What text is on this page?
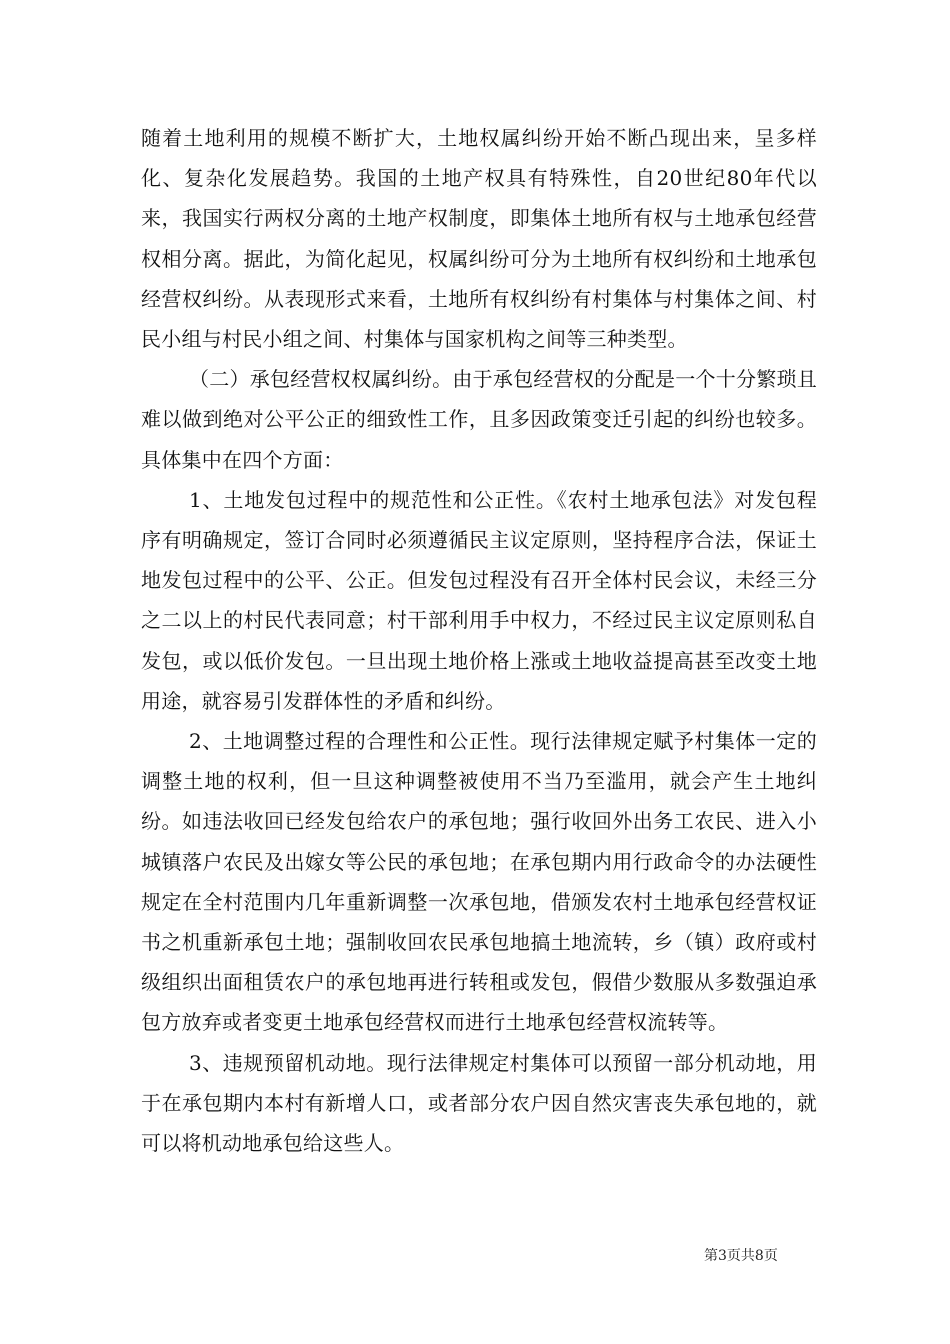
随着土地利用的规模不断扩大，土地权属纠纷开始不断凸现出来，呈多样化、复杂化发展趋势。我国的土地产权具有特殊性，自20世纪80年代以来，我国实行两权分离的土地产权制度，即集体土地所有权与土地承包经营权相分离。据此，为简化起见，权属纠纷可分为土地所有权纠纷和土地承包经营权纠纷。从表现形式来看，土地所有权纠纷有村集体与村集体之间、村民小组与村民小组之间、村集体与国家机构之间等三种类型。

（二）承包经营权权属纠纷。由于承包经营权的分配是一个十分繁琐且难以做到绝对公平公正的细致性工作，且多因政策变迁引起的纠纷也较多。具体集中在四个方面：

1、土地发包过程中的规范性和公正性。《农村土地承包法》对发包程序有明确规定，签订合同时必须遵循民主议定原则，坚持程序合法，保证土地发包过程中的公平、公正。但发包过程没有召开全体村民会议，未经三分之二以上的村民代表同意；村干部利用手中权力，不经过民主议定原则私自发包，或以低价发包。一旦出现土地价格上涨或土地收益提高甚至改变土地用途，就容易引发群体性的矛盾和纠纷。

2、土地调整过程的合理性和公正性。现行法律规定赋予村集体一定的调整土地的权利，但一旦这种调整被使用不当乃至滥用，就会产生土地纠纷。如违法收回已经发包给农户的承包地；强行收回外出务工农民、进入小城镇落户农民及出嫁女等公民的承包地；在承包期内用行政命令的办法硬性规定在全村范围内几年重新调整一次承包地，借颁发农村土地承包经营权证书之机重新承包土地；强制收回农民承包地搞土地流转，乡（镇）政府或村级组织出面租赁农户的承包地再进行转租或发包，假借少数服从多数强迫承包方放弃或者变更土地承包经营权而进行土地承包经营权流转等。

3、违规预留机动地。现行法律规定村集体可以预留一部分机动地，用于在承包期内本村有新增人口，或者部分农户因自然灾害丧失承包地的，就可以将机动地承包给这些人。

第3页共8页
